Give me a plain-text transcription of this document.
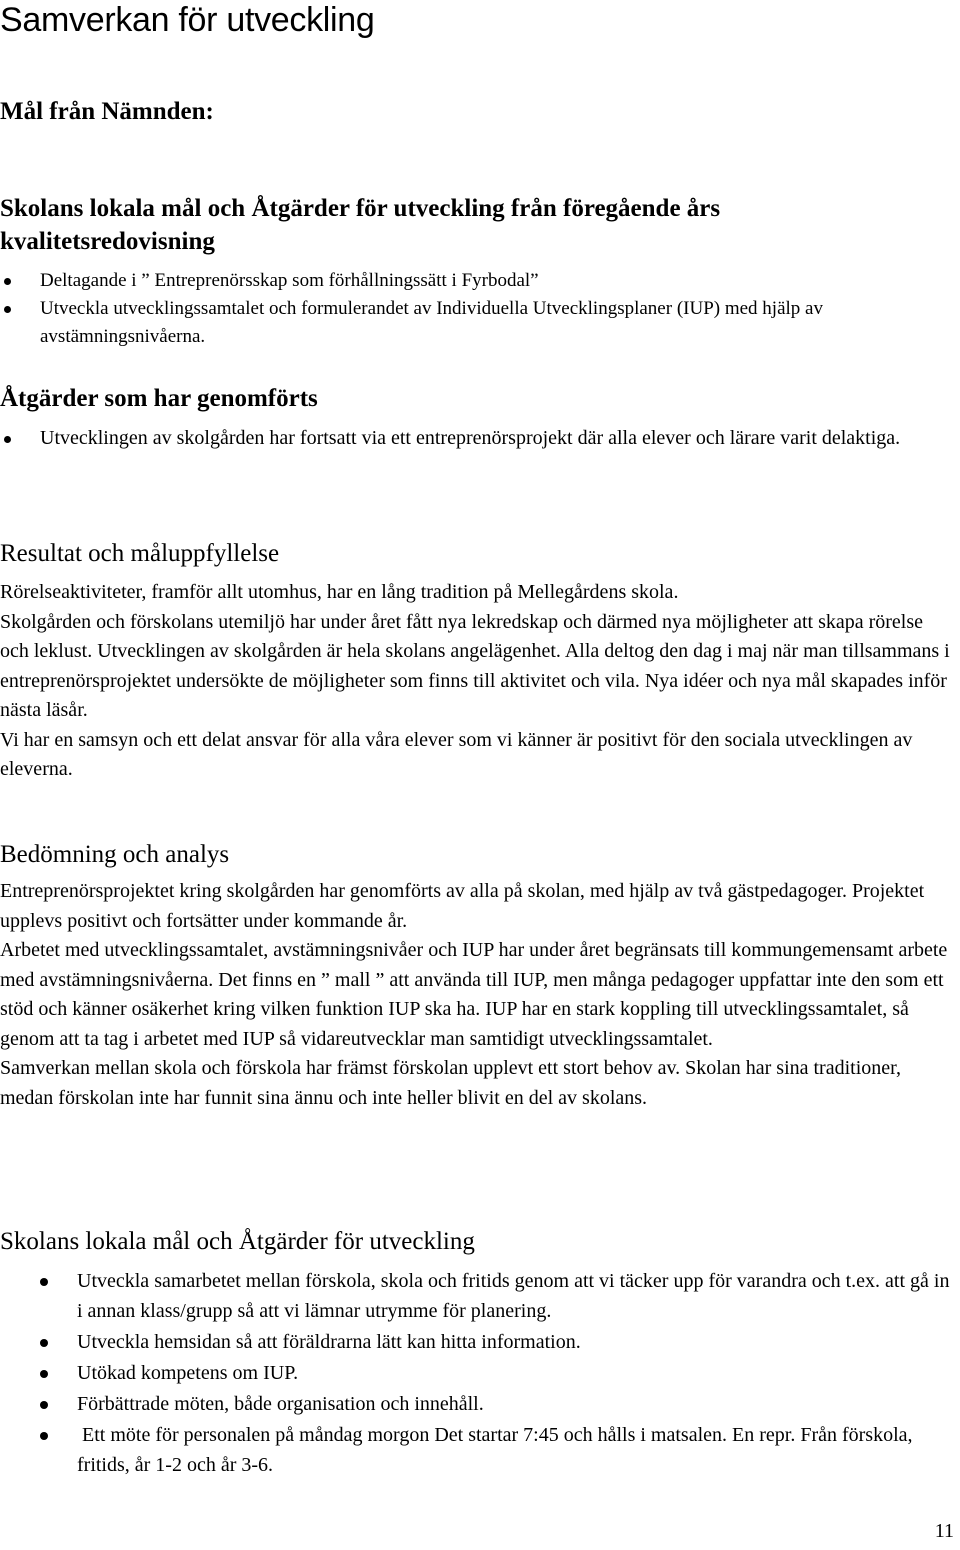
Samverkan för utveckling
Mål från Nämnden:
Skolans lokala mål och Åtgärder för utveckling från föregående års kvalitetsredovisning
Deltagande i ” Entreprenörsskap som förhållningssätt i Fyrbodal”
Utveckla utvecklingssamtalet och formulerandet av Individuella Utvecklingsplaner (IUP) med hjälp av avstämningsnivåerna.
Åtgärder som har genomförts
Utvecklingen av skolgården har fortsatt via ett entreprenörsprojekt där alla elever och lärare varit delaktiga.
Resultat och måluppfyllelse

Rörelseaktiviteter, framför allt utomhus, har en lång tradition på Mellegårdens skola.

Skolgården och förskolans utemiljö har under året fått nya lekredskap och därmed nya möjligheter att skapa rörelse och leklust. Utvecklingen av skolgården är hela skolans angelägenhet. Alla deltog den dag i maj när man tillsammans i entreprenörsprojektet undersökte de möjligheter som finns till aktivitet och vila. Nya idéer och nya mål skapades inför nästa läsår.

Vi har en samsyn och ett delat ansvar för alla våra elever som vi känner är positivt för den sociala utvecklingen av eleverna.

Bedömning och analys

Entreprenörsprojektet kring skolgården har genomförts av alla på skolan, med hjälp av två gästpedagoger. Projektet upplevs positivt och fortsätter under kommande år.

Arbetet med utvecklingssamtalet, avstämningsnivåer och IUP har under året begränsats till kommungemensamt arbete med avstämningsnivåerna. Det finns en ” mall ” att använda till IUP, men många pedagoger uppfattar inte den som ett stöd och känner osäkerhet kring vilken funktion IUP ska ha. IUP har en stark koppling till utvecklingssamtalet, så genom att ta tag i arbetet med IUP så vidareutvecklar man samtidigt utvecklingssamtalet.

Samverkan mellan skola och förskola har främst förskolan upplevt ett stort behov av. Skolan har sina traditioner, medan förskolan inte har funnit sina ännu och inte heller blivit en del av skolans.

Skolans lokala mål och Åtgärder för utveckling
Utveckla samarbetet mellan förskola, skola och fritids genom att vi täcker upp för varandra och t.ex. att gå in i annan klass/grupp så att vi lämnar utrymme för planering.
Utveckla hemsidan så att föräldrarna lätt kan hitta information.
Utökad kompetens om IUP.
Förbättrade möten, både organisation och innehåll.
Ett möte för personalen på måndag morgon Det startar 7:45 och hålls i matsalen. En repr. Från förskola, fritids, år 1-2 och år 3-6.
11
